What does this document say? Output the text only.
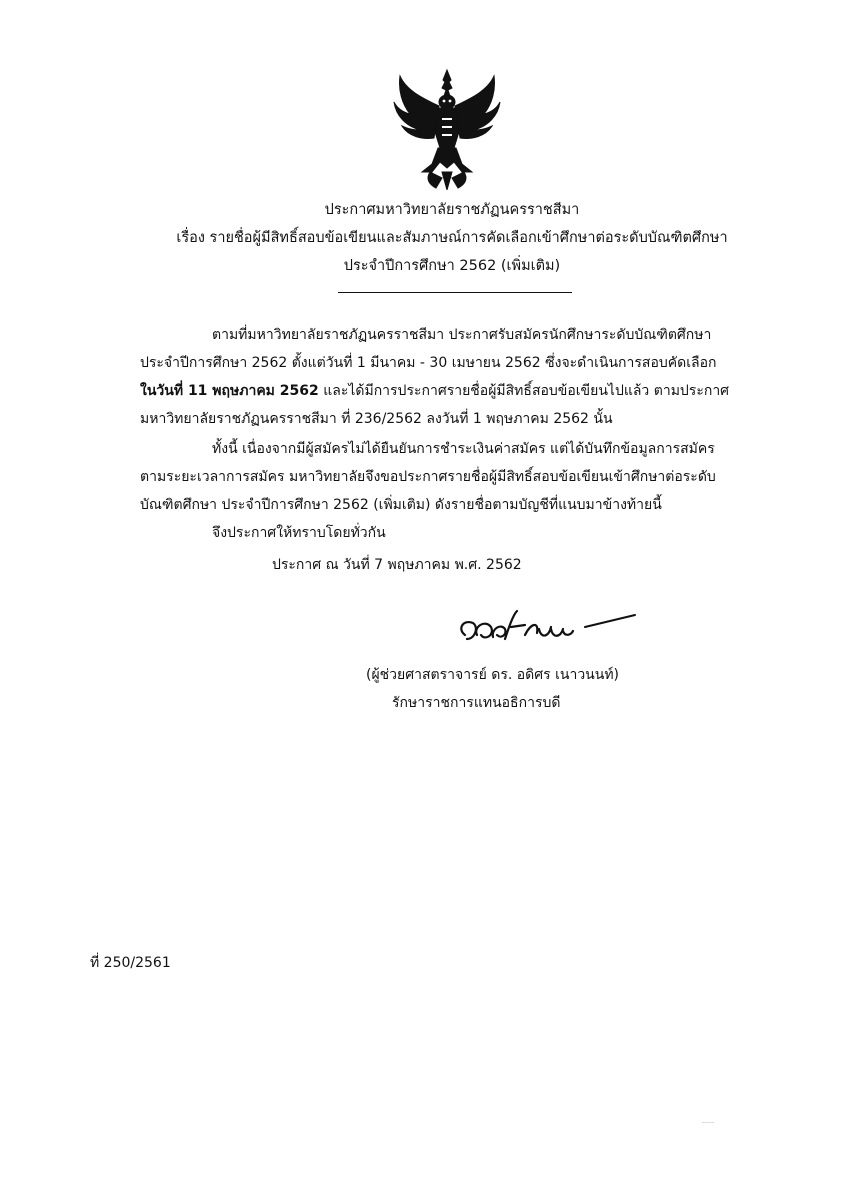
ประกาศมหาวิทยาลัยราชภัฏนครราชสีมา
เรื่อง รายชื่อผู้มีสิทธิ์สอบข้อเขียนและสัมภาษณ์การคัดเลือกเข้าศึกษาต่อระดับบัณฑิตศึกษา
ประจำปีการศึกษา 2562 (เพิ่มเติม)
ตามที่มหาวิทยาลัยราชภัฏนครราชสีมา ประกาศรับสมัครนักศึกษาระดับบัณฑิตศึกษา
ประจำปีการศึกษา 2562 ตั้งแต่วันที่ 1 มีนาคม - 30 เมษายน 2562 ซึ่งจะดำเนินการสอบคัดเลือก
ในวันที่ 11 พฤษภาคม 2562 และได้มีการประกาศรายชื่อผู้มีสิทธิ์สอบข้อเขียนไปแล้ว ตามประกาศ
มหาวิทยาลัยราชภัฏนครราชสีมา ที่ 236/2562 ลงวันที่ 1 พฤษภาคม 2562 นั้น
ทั้งนี้ เนื่องจากมีผู้สมัครไม่ได้ยืนยันการชำระเงินค่าสมัคร แต่ได้บันทึกข้อมูลการสมัคร
ตามระยะเวลาการสมัคร มหาวิทยาลัยจึงขอประกาศรายชื่อผู้มีสิทธิ์สอบข้อเขียนเข้าศึกษาต่อระดับ
บัณฑิตศึกษา ประจำปีการศึกษา 2562 (เพิ่มเติม) ดังรายชื่อตามบัญชีที่แนบมาข้างท้ายนี้
จึงประกาศให้ทราบโดยทั่วกัน
ประกาศ ณ วันที่ 7 พฤษภาคม พ.ศ. 2562
(ผู้ช่วยศาสตราจารย์ ดร. อดิศร เนาวนนท์)
รักษาราชการแทนอธิการบดี
ที่ 250/2561
